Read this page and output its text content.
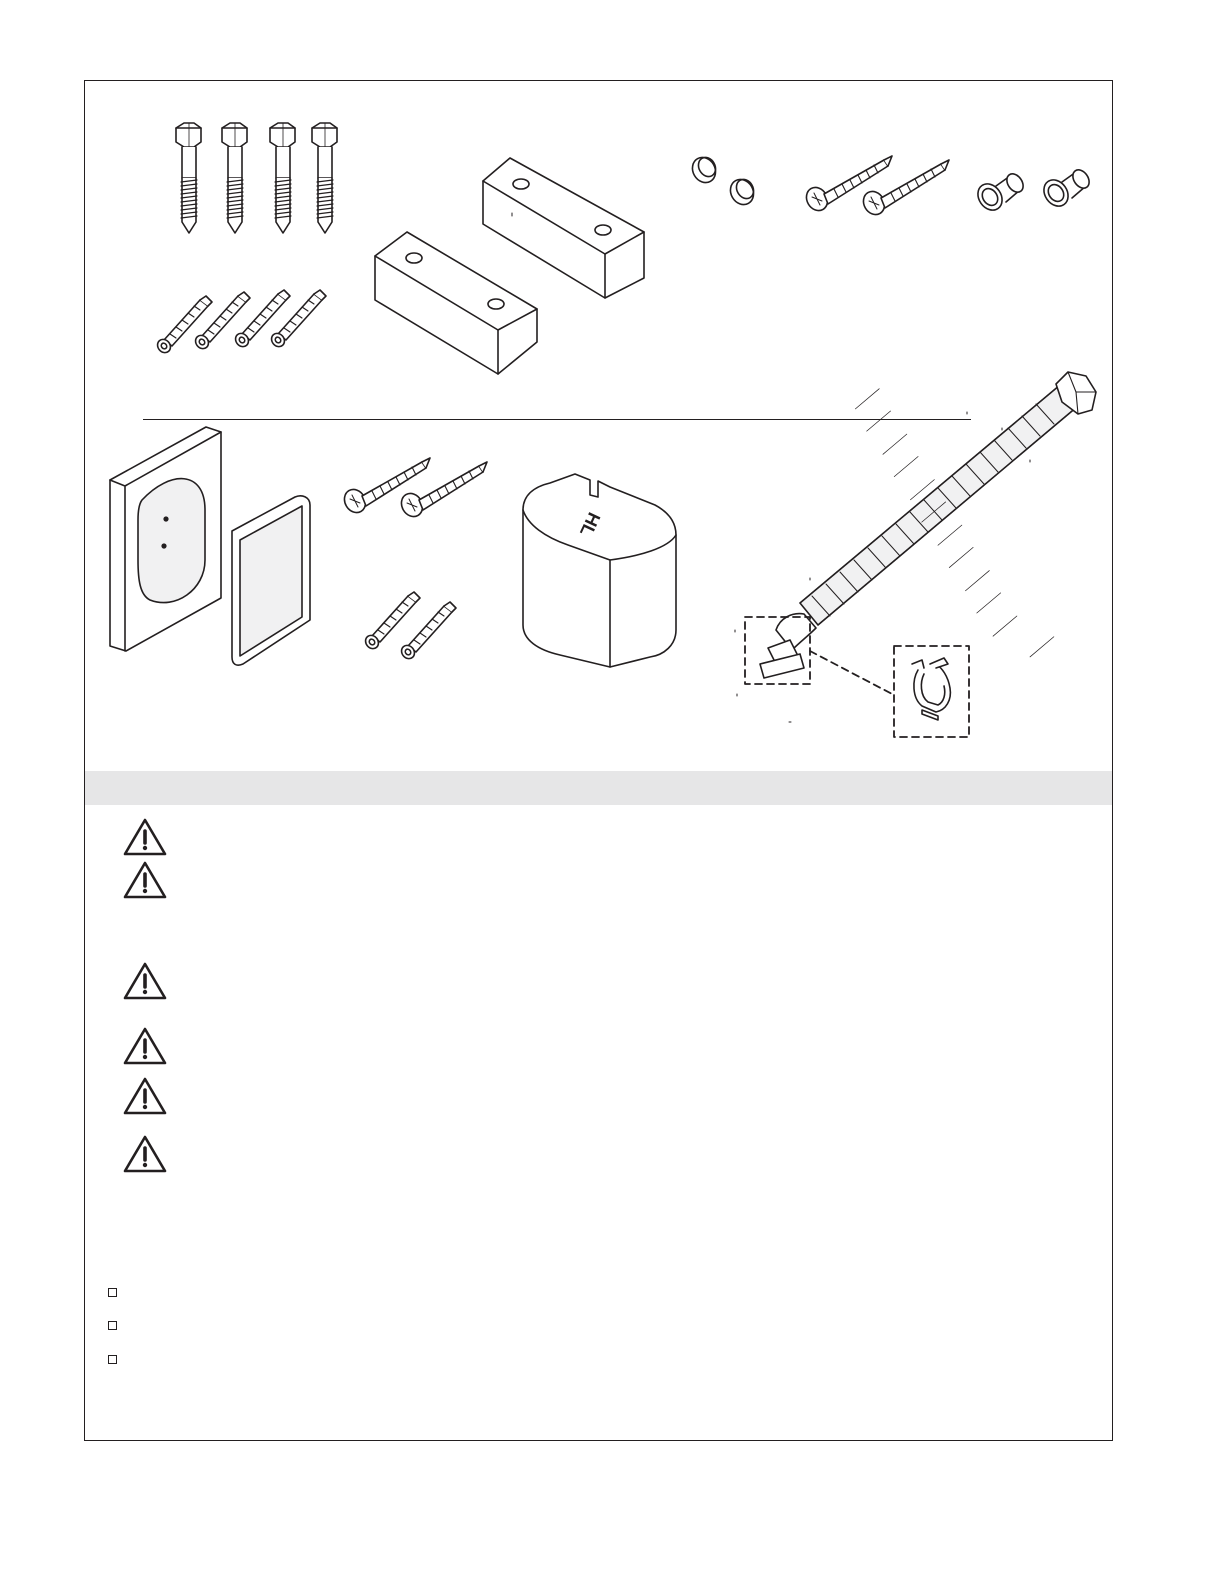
HL
